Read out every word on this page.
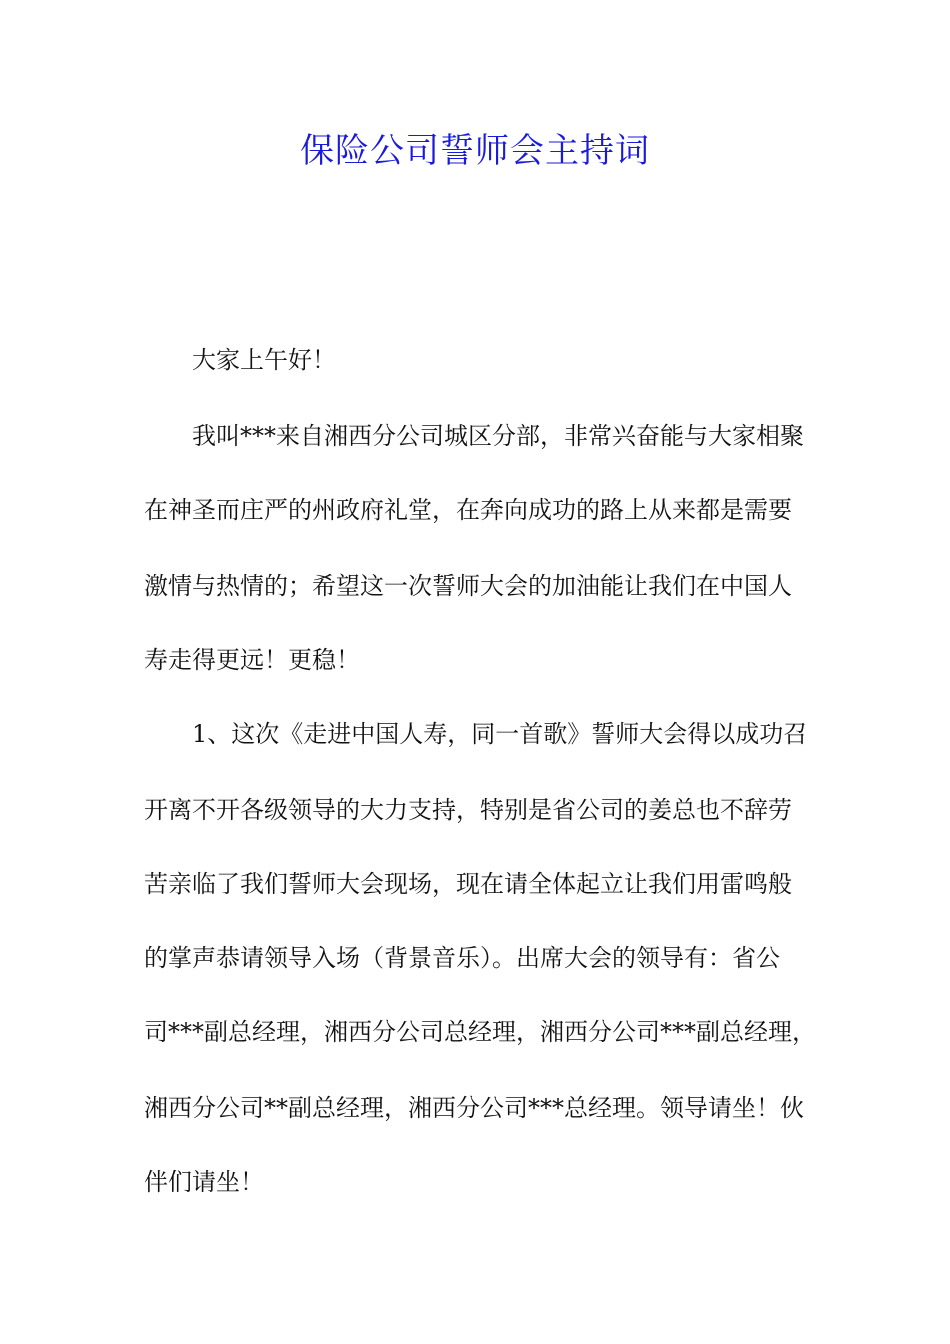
保险公司誓师会主持词
大家上午好！
我叫***来自湘西分公司城区分部，非常兴奋能与大家相聚
在神圣而庄严的州政府礼堂，在奔向成功的路上从来都是需要
激情与热情的；希望这一次誓师大会的加油能让我们在中国人
寿走得更远！更稳！
1、这次《走进中国人寿，同一首歌》誓师大会得以成功召
开离不开各级领导的大力支持，特别是省公司的姜总也不辞劳
苦亲临了我们誓师大会现场，现在请全体起立让我们用雷鸣般
的掌声恭请领导入场（背景音乐）。出席大会的领导有：省公
司***副总经理，湘西分公司总经理，湘西分公司***副总经理，
湘西分公司**副总经理，湘西分公司***总经理。领导请坐！伙
伴们请坐！
